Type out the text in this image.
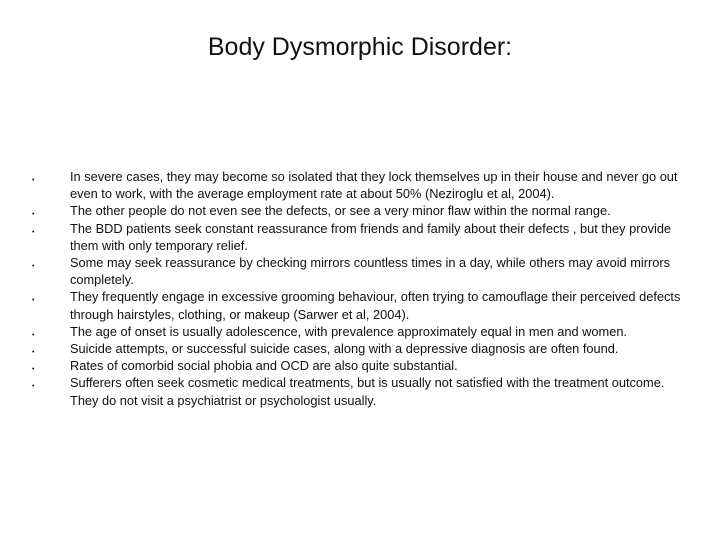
Body Dysmorphic Disorder:
•	In severe cases, they may become so isolated that they lock themselves up in their house and never go out even to work, with the average employment rate at about 50% (Neziroglu et al, 2004).
•	The other people do not even see the defects, or see a very minor flaw within the normal range.
•	The BDD patients seek constant reassurance from friends and family about their defects , but they provide them with only temporary relief.
•	Some may seek reassurance by checking mirrors countless times in a day, while others may avoid mirrors completely.
•	They frequently engage in excessive grooming behaviour, often trying to camouflage their perceived defects through hairstyles, clothing, or makeup (Sarwer et al, 2004).
•	The age of onset is usually adolescence, with prevalence approximately equal in men and women.
•	Suicide attempts, or successful suicide cases, along with a depressive diagnosis are often found.
•	Rates of comorbid social phobia and OCD are also quite substantial.
•	Sufferers often seek cosmetic medical treatments, but is usually not satisfied with the treatment outcome. They do not visit a psychiatrist or psychologist usually.
